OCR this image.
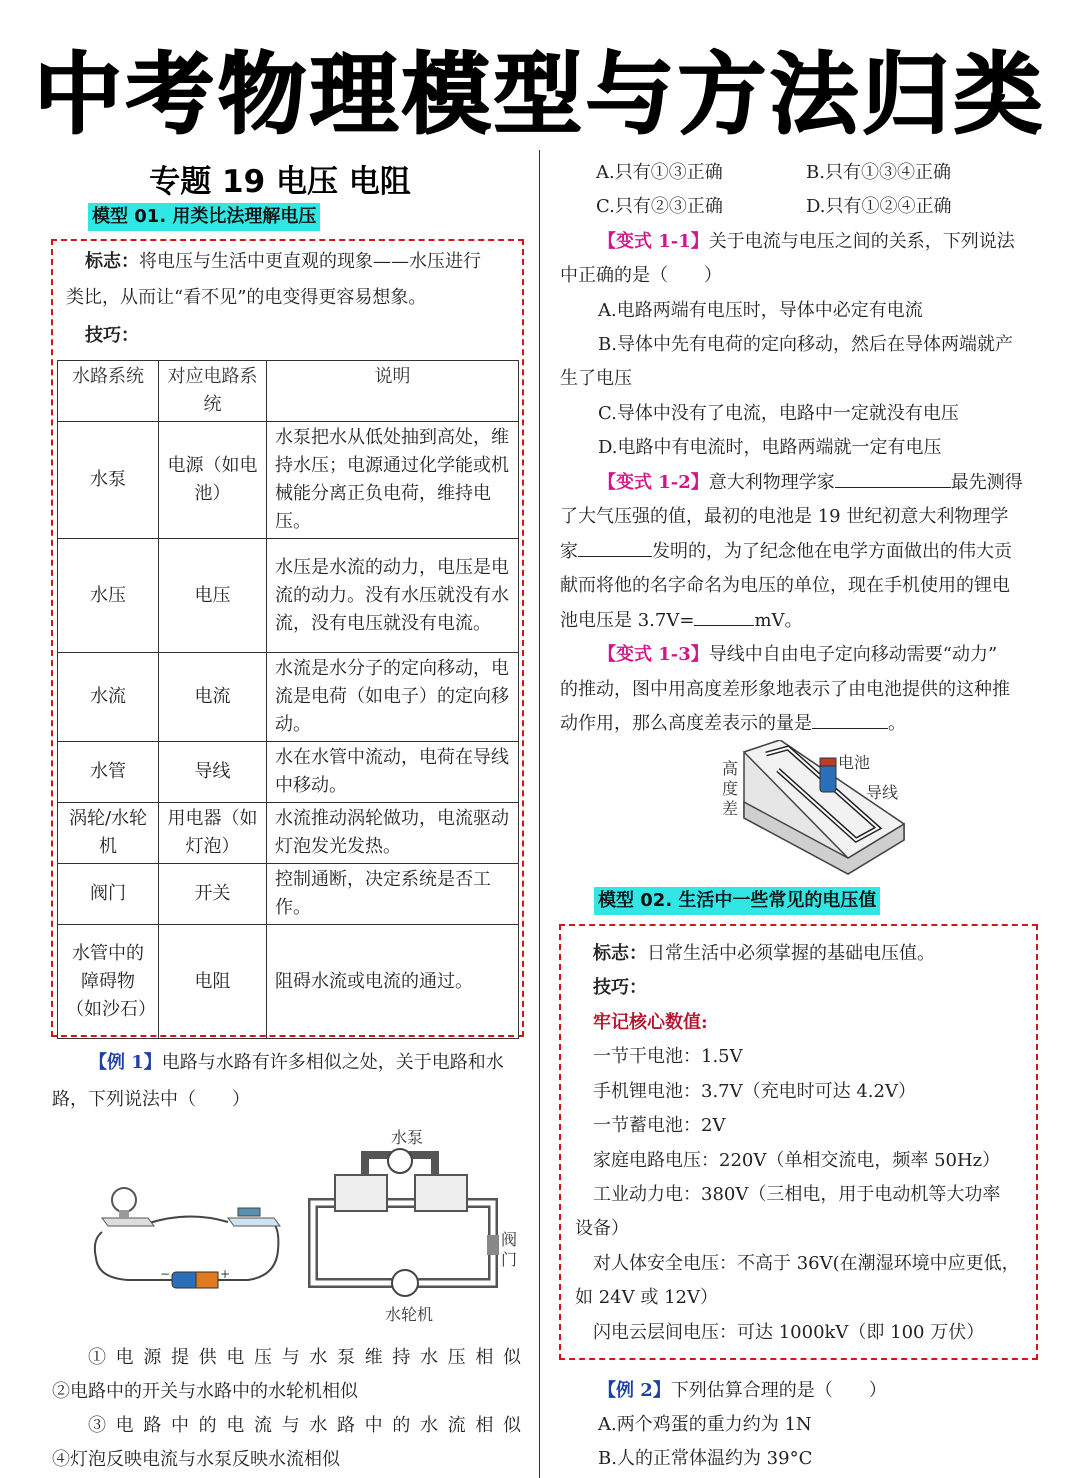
中考物理模型与方法归类
专题 19 电压 电阻
模型 01. 用类比法理解电压
标志：将电压与生活中更直观的现象——水压进行
类比，从而让“看不见”的电变得更容易想象。
技巧：
水路系统	对应电路系统	说明
水泵	电源（如电池）	水泵把水从低处抽到高处，维持水压；电源通过化学能或机械能分离正负电荷，维持电压。
水压	电压	水压是水流的动力，电压是电流的动力。没有水压就没有水流，没有电压就没有电流。
水流	电流	水流是水分子的定向移动，电流是电荷（如电子）的定向移动。
水管	导线	水在水管中流动，电荷在导线中移动。
涡轮/水轮机	用电器（如灯泡）	水流推动涡轮做功，电流驱动灯泡发光发热。
阀门	开关	控制通断，决定系统是否工作。
水管中的障碍物（如沙石）	电阻	阻碍水流或电流的通过。
【例 1】电路与水路有许多相似之处，关于电路和水
路，下列说法中（　　）
−	+
水泵
阀
门
水轮机
①电源提供电压与水泵维持水压相似
②电路中的开关与水路中的水轮机相似
③电路中的电流与水路中的水流相似
④灯泡反映电流与水泵反映水流相似
A.只有①③正确	B.只有①③④正确
C.只有②③正确	D.只有①②④正确
【变式 1-1】关于电流与电压之间的关系，下列说法
中正确的是（　　）
A.电路两端有电压时，导体中必定有电流
B.导体中先有电荷的定向移动，然后在导体两端就产
生了电压
C.导体中没有了电流，电路中一定就没有电压
D.电路中有电流时，电路两端就一定有电压
【变式 1-2】意大利物理学家	最先测得
了大气压强的值，最初的电池是 19 世纪初意大利物理学
家	发明的，为了纪念他在电学方面做出的伟大贡
献而将他的名字命名为电压的单位，现在手机使用的锂电
池电压是 3.7V=	mV。
【变式 1-3】导线中自由电子定向移动需要“动力”
的推动，图中用高度差形象地表示了由电池提供的这种推
动作用，那么高度差表示的量是	。
高
度
差
电池
导线
模型 02. 生活中一些常见的电压值
标志：日常生活中必须掌握的基础电压值。
技巧：
牢记核心数值:
一节干电池：1.5V
手机锂电池：3.7V（充电时可达 4.2V）
一节蓄电池：2V
家庭电路电压：220V（单相交流电，频率 50Hz）
工业动力电：380V（三相电，用于电动机等大功率
设备）
对人体安全电压：不高于 36V(在潮湿环境中应更低，
如 24V 或 12V）
闪电云层间电压：可达 1000kV（即 100 万伏）
【例 2】下列估算合理的是（　　）
A.两个鸡蛋的重力约为 1N
B.人的正常体温约为 39°C
